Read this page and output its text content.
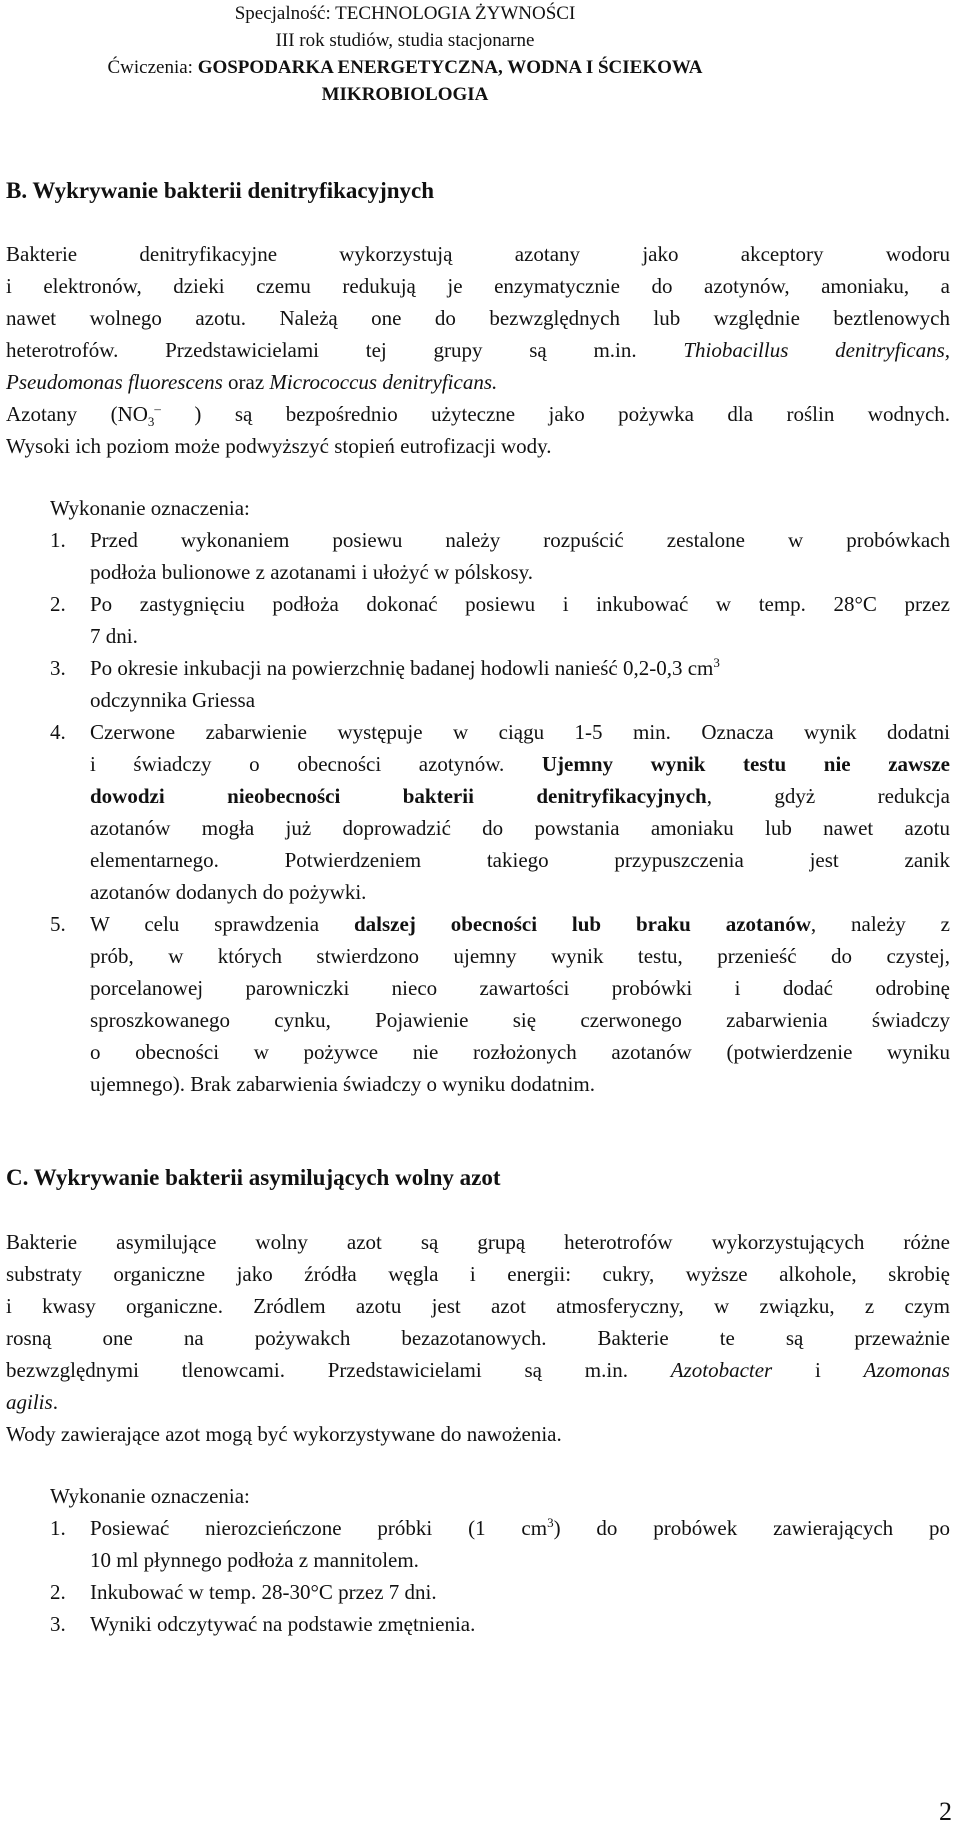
Specjalność: TECHNOLOGIA ŻYWNOŚCI
III rok studiów, studia stacjonarne
Ćwiczenia: GOSPODARKA ENERGETYCZNA, WODNA I ŚCIEKOWA
MIKROBIOLOGIA
B. Wykrywanie bakterii denitryfikacyjnych
Bakterie denitryfikacyjne wykorzystują azotany jako akceptory wodoru
i elektronów, dzieki czemu redukują je enzymatycznie do azotynów, amoniaku, a
nawet wolnego azotu. Należą one do bezwzględnych lub względnie beztlenowych
heterotrofów. Przedstawicielami tej grupy są m.in. Thiobacillus denitryficans,
Pseudomonas fluorescens oraz Micrococcus denitryficans.
Azotany ($NO_3^-$ ) są bezpośrednio użyteczne jako pożywka dla roślin wodnych.
Wysoki ich poziom może podwyższyć stopień eutrofizacji wody.
Wykonanie oznaczenia:
1. Przed wykonaniem posiewu należy rozpuścić zestalone w probówkach
podłoża bulionowe z azotanami i ułożyć w pólskosy.
2. Po zastygnięciu podłoża dokonać posiewu i inkubować w temp. 28°C przez
7 dni.
3. Po okresie inkubacji na powierzchnię badanej hodowli nanieść 0,2-0,3 $cm^3$
odczynnika Griessa
4. Czerwone zabarwienie występuje w ciągu 1-5 min. Oznacza wynik dodatni
i świadczy o obecności azotynów. Ujemny wynik testu nie zawsze
dowodzi nieobecności bakterii denitryfikacyjnych, gdyż redukcja
azotanów mogła już doprowadzić do powstania amoniaku lub nawet azotu
elementarnego. Potwierdzeniem takiego przypuszczenia jest zanik
azotanów dodanych do pożywki.
5. W celu sprawdzenia dalszej obecności lub braku azotanów, należy z
prób, w których stwierdzono ujemny wynik testu, przenieść do czystej,
porcelanowej parowniczki nieco zawartości probówki i dodać odrobinę
sproszkowanego cynku, Pojawienie się czerwonego zabarwienia świadczy
o obecności w pożywce nie rozłożonych azotanów (potwierdzenie wyniku
ujemnego). Brak zabarwienia świadczy o wyniku dodatnim.
C. Wykrywanie bakterii asymilujących wolny azot
Bakterie asymilujące wolny azot są grupą heterotrofów wykorzystujących różne
substraty organiczne jako źródła węgla i energii: cukry, wyższe alkohole, skrobię
i kwasy organiczne. Zródlem azotu jest azot atmosferyczny, w związku, z czym
rosną one na pożywakch bezazotanowych. Bakterie te są przeważnie
bezwzględnymi tlenowcami. Przedstawicielami są m.in. Azotobacter i Azomonas
agilis.
Wody zawierające azot mogą być wykorzystywane do nawożenia.
Wykonanie oznaczenia:
1. Posiewać nierozcieńczone próbki (1 $cm^3$) do probówek zawierających po
10 ml płynnego podłoża z mannitolem.
2. Inkubować w temp. 28-30°C przez 7 dni.
3. Wyniki odczytywać na podstawie zmętnienia.
2
